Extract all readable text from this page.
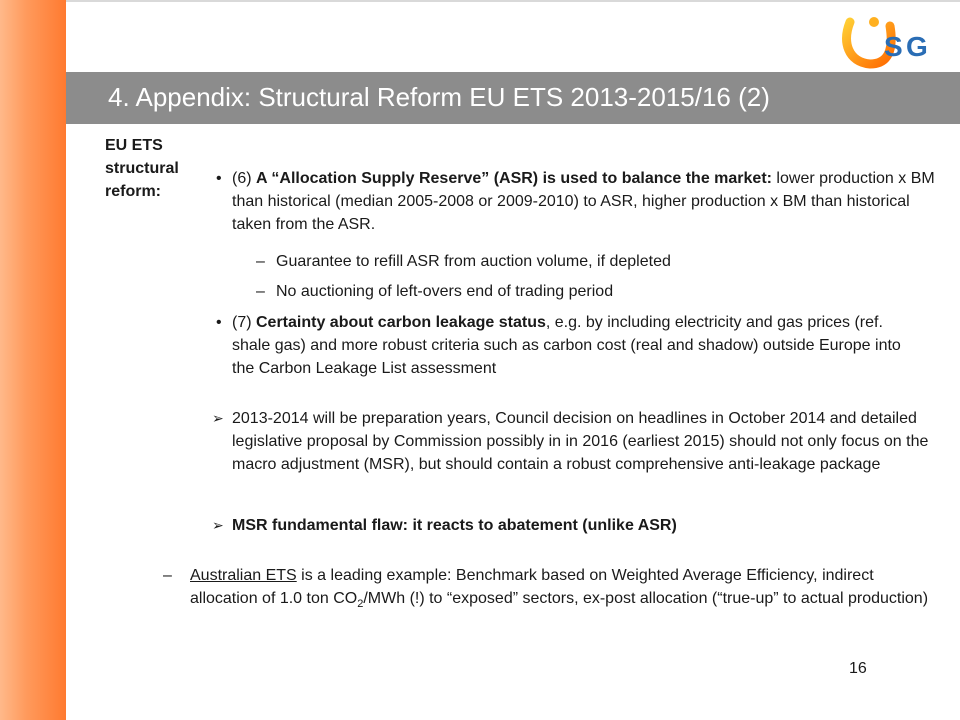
S G
4. Appendix: Structural Reform EU ETS 2013-2015/16 (2)
EU ETS structural reform:
• (6) A “Allocation Supply Reserve” (ASR) is used to balance the market: lower production x BM than historical (median 2005-2008 or 2009-2010) to ASR, higher production x BM than historical taken from the ASR.
– Guarantee to refill ASR from auction volume, if depleted
– No auctioning of left-overs end of trading period
• (7) Certainty about carbon leakage status, e.g. by including electricity and gas prices (ref. shale gas) and more robust criteria such as carbon cost (real and shadow) outside Europe into the Carbon Leakage List assessment
➢ 2013-2014 will be preparation years, Council decision on headlines in October 2014 and detailed legislative proposal by Commission possibly in in 2016 (earliest 2015) should not only focus on the macro adjustment (MSR), but should contain a robust comprehensive anti-leakage package
➢ MSR fundamental flaw: it reacts to abatement (unlike ASR)
– Australian ETS is a leading example: Benchmark based on Weighted Average Efficiency, indirect allocation of 1.0 ton $CO_2$/MWh (!) to “exposed” sectors, ex-post allocation (“true-up” to actual production)
16
